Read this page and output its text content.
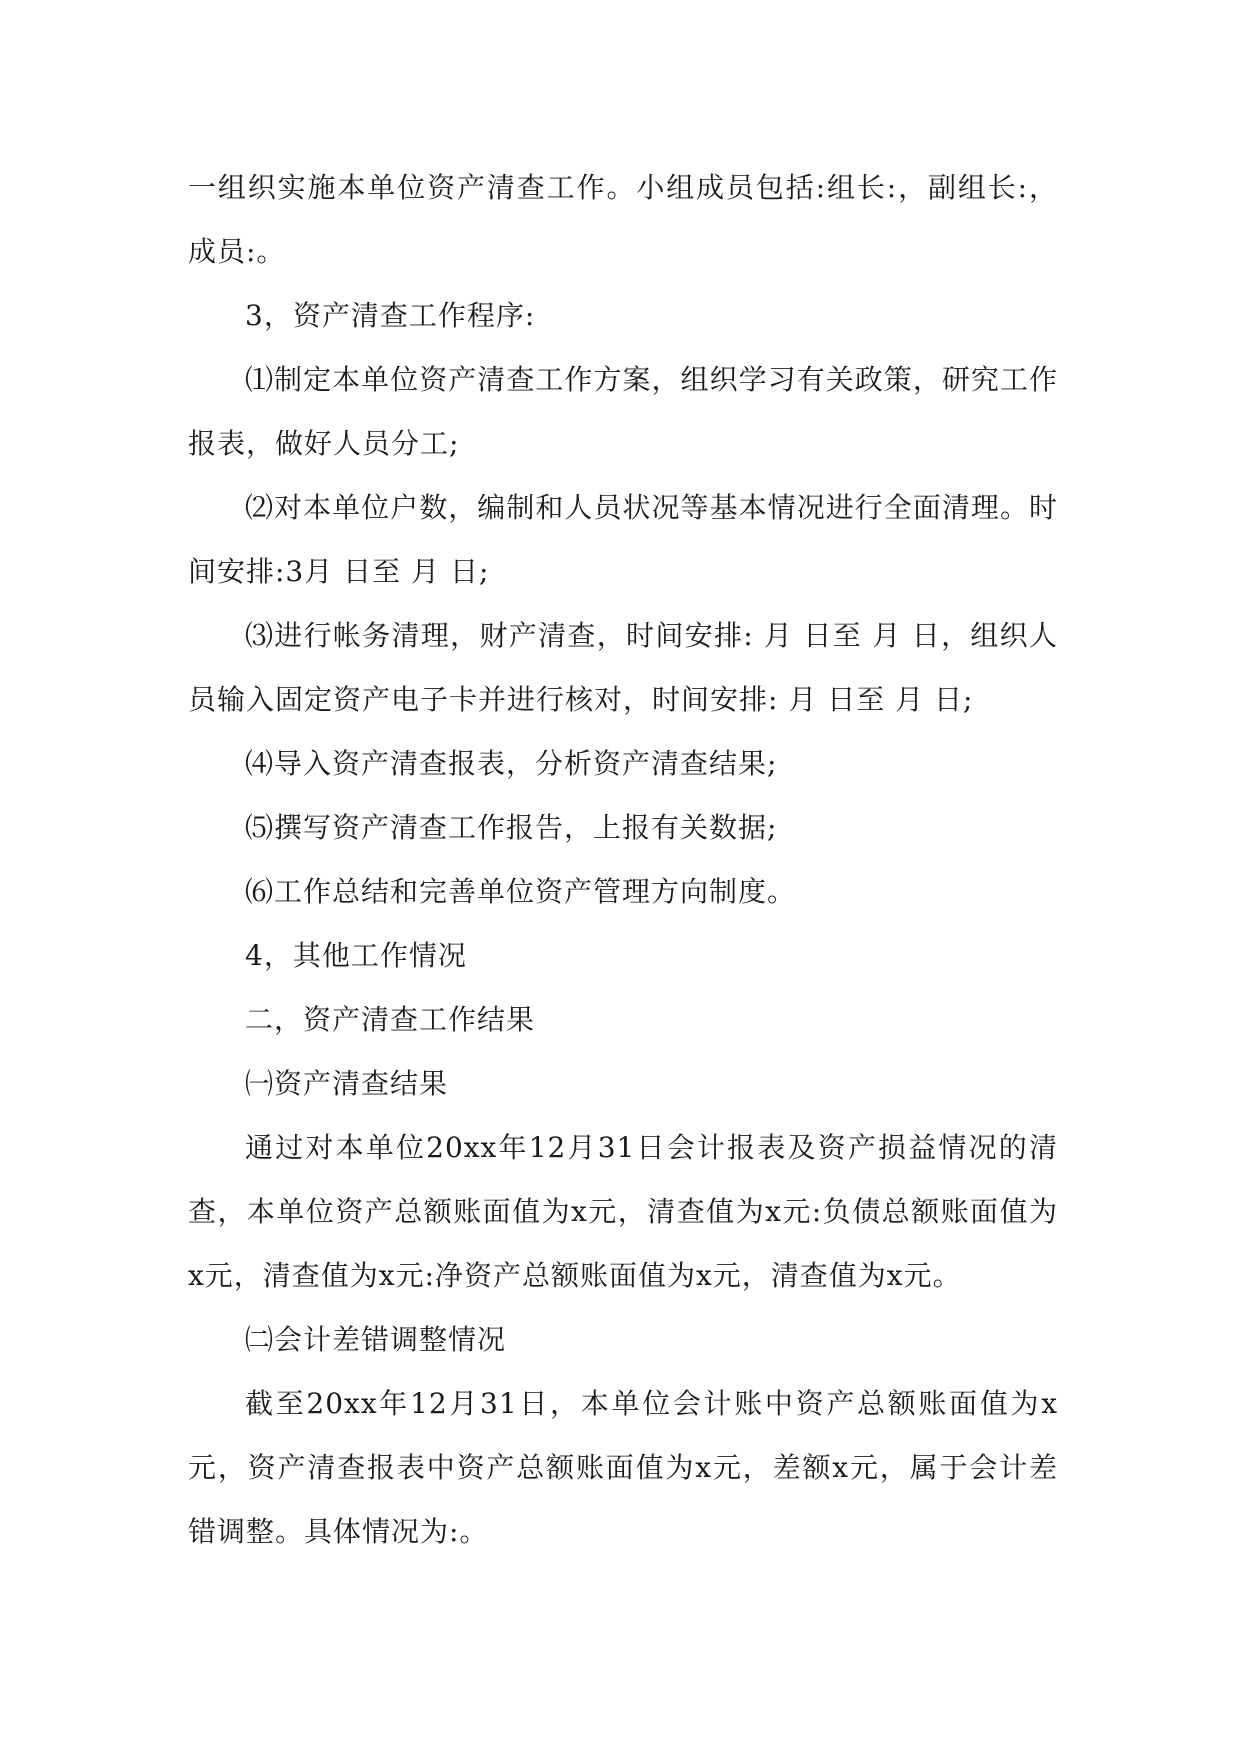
一组织实施本单位资产清查工作。小组成员包括:组长:，副组长:，成员:。

3，资产清查工作程序:

⑴制定本单位资产清查工作方案，组织学习有关政策，研究工作报表，做好人员分工;

⑵对本单位户数，编制和人员状况等基本情况进行全面清理。时间安排:3月 日至 月 日;

⑶进行帐务清理，财产清查，时间安排: 月 日至 月 日，组织人员输入固定资产电子卡并进行核对，时间安排: 月 日至 月 日;

⑷导入资产清查报表，分析资产清查结果;

⑸撰写资产清查工作报告，上报有关数据;

⑹工作总结和完善单位资产管理方向制度。

4，其他工作情况

二，资产清查工作结果

㈠资产清查结果

通过对本单位20xx年12月31日会计报表及资产损益情况的清查，本单位资产总额账面值为x元，清查值为x元:负债总额账面值为x元，清查值为x元:净资产总额账面值为x元，清查值为x元。

㈡会计差错调整情况

截至20xx年12月31日，本单位会计账中资产总额账面值为x元，资产清查报表中资产总额账面值为x元，差额x元，属于会计差错调整。具体情况为:。
